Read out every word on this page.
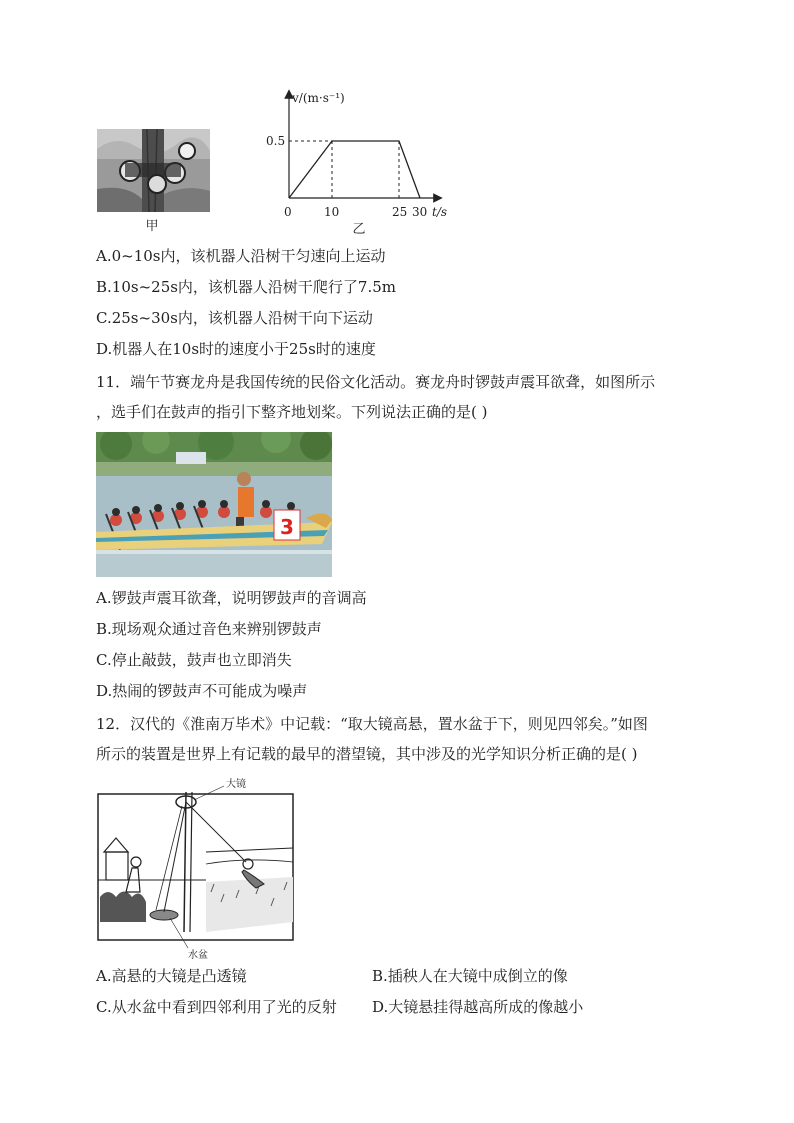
甲
v/(m·s⁻¹)
0.5
0	10	25 30 t/s
乙
A.0~10s内，该机器人沿树干匀速向上运动
B.10s~25s内，该机器人沿树干爬行了7.5m
C.25s~30s内，该机器人沿树干向下运动
D.机器人在10s时的速度小于25s时的速度
11．端午节赛龙舟是我国传统的民俗文化活动。赛龙舟时锣鼓声震耳欲聋，如图所示
，选手们在鼓声的指引下整齐地划桨。下列说法正确的是( )
3
A.锣鼓声震耳欲聋，说明锣鼓声的音调高
B.现场观众通过音色来辨别锣鼓声
C.停止敲鼓，鼓声也立即消失
D.热闹的锣鼓声不可能成为噪声
12．汉代的《淮南万毕术》中记载：“取大镜高悬，置水盆于下，则见四邻矣。”如图
所示的装置是世界上有记载的最早的潜望镜，其中涉及的光学知识分析正确的是( )
大镜
水盆
A.高悬的大镜是凸透镜	B.插秧人在大镜中成倒立的像
C.从水盆中看到四邻利用了光的反射 D.大镜悬挂得越高所成的像越小
